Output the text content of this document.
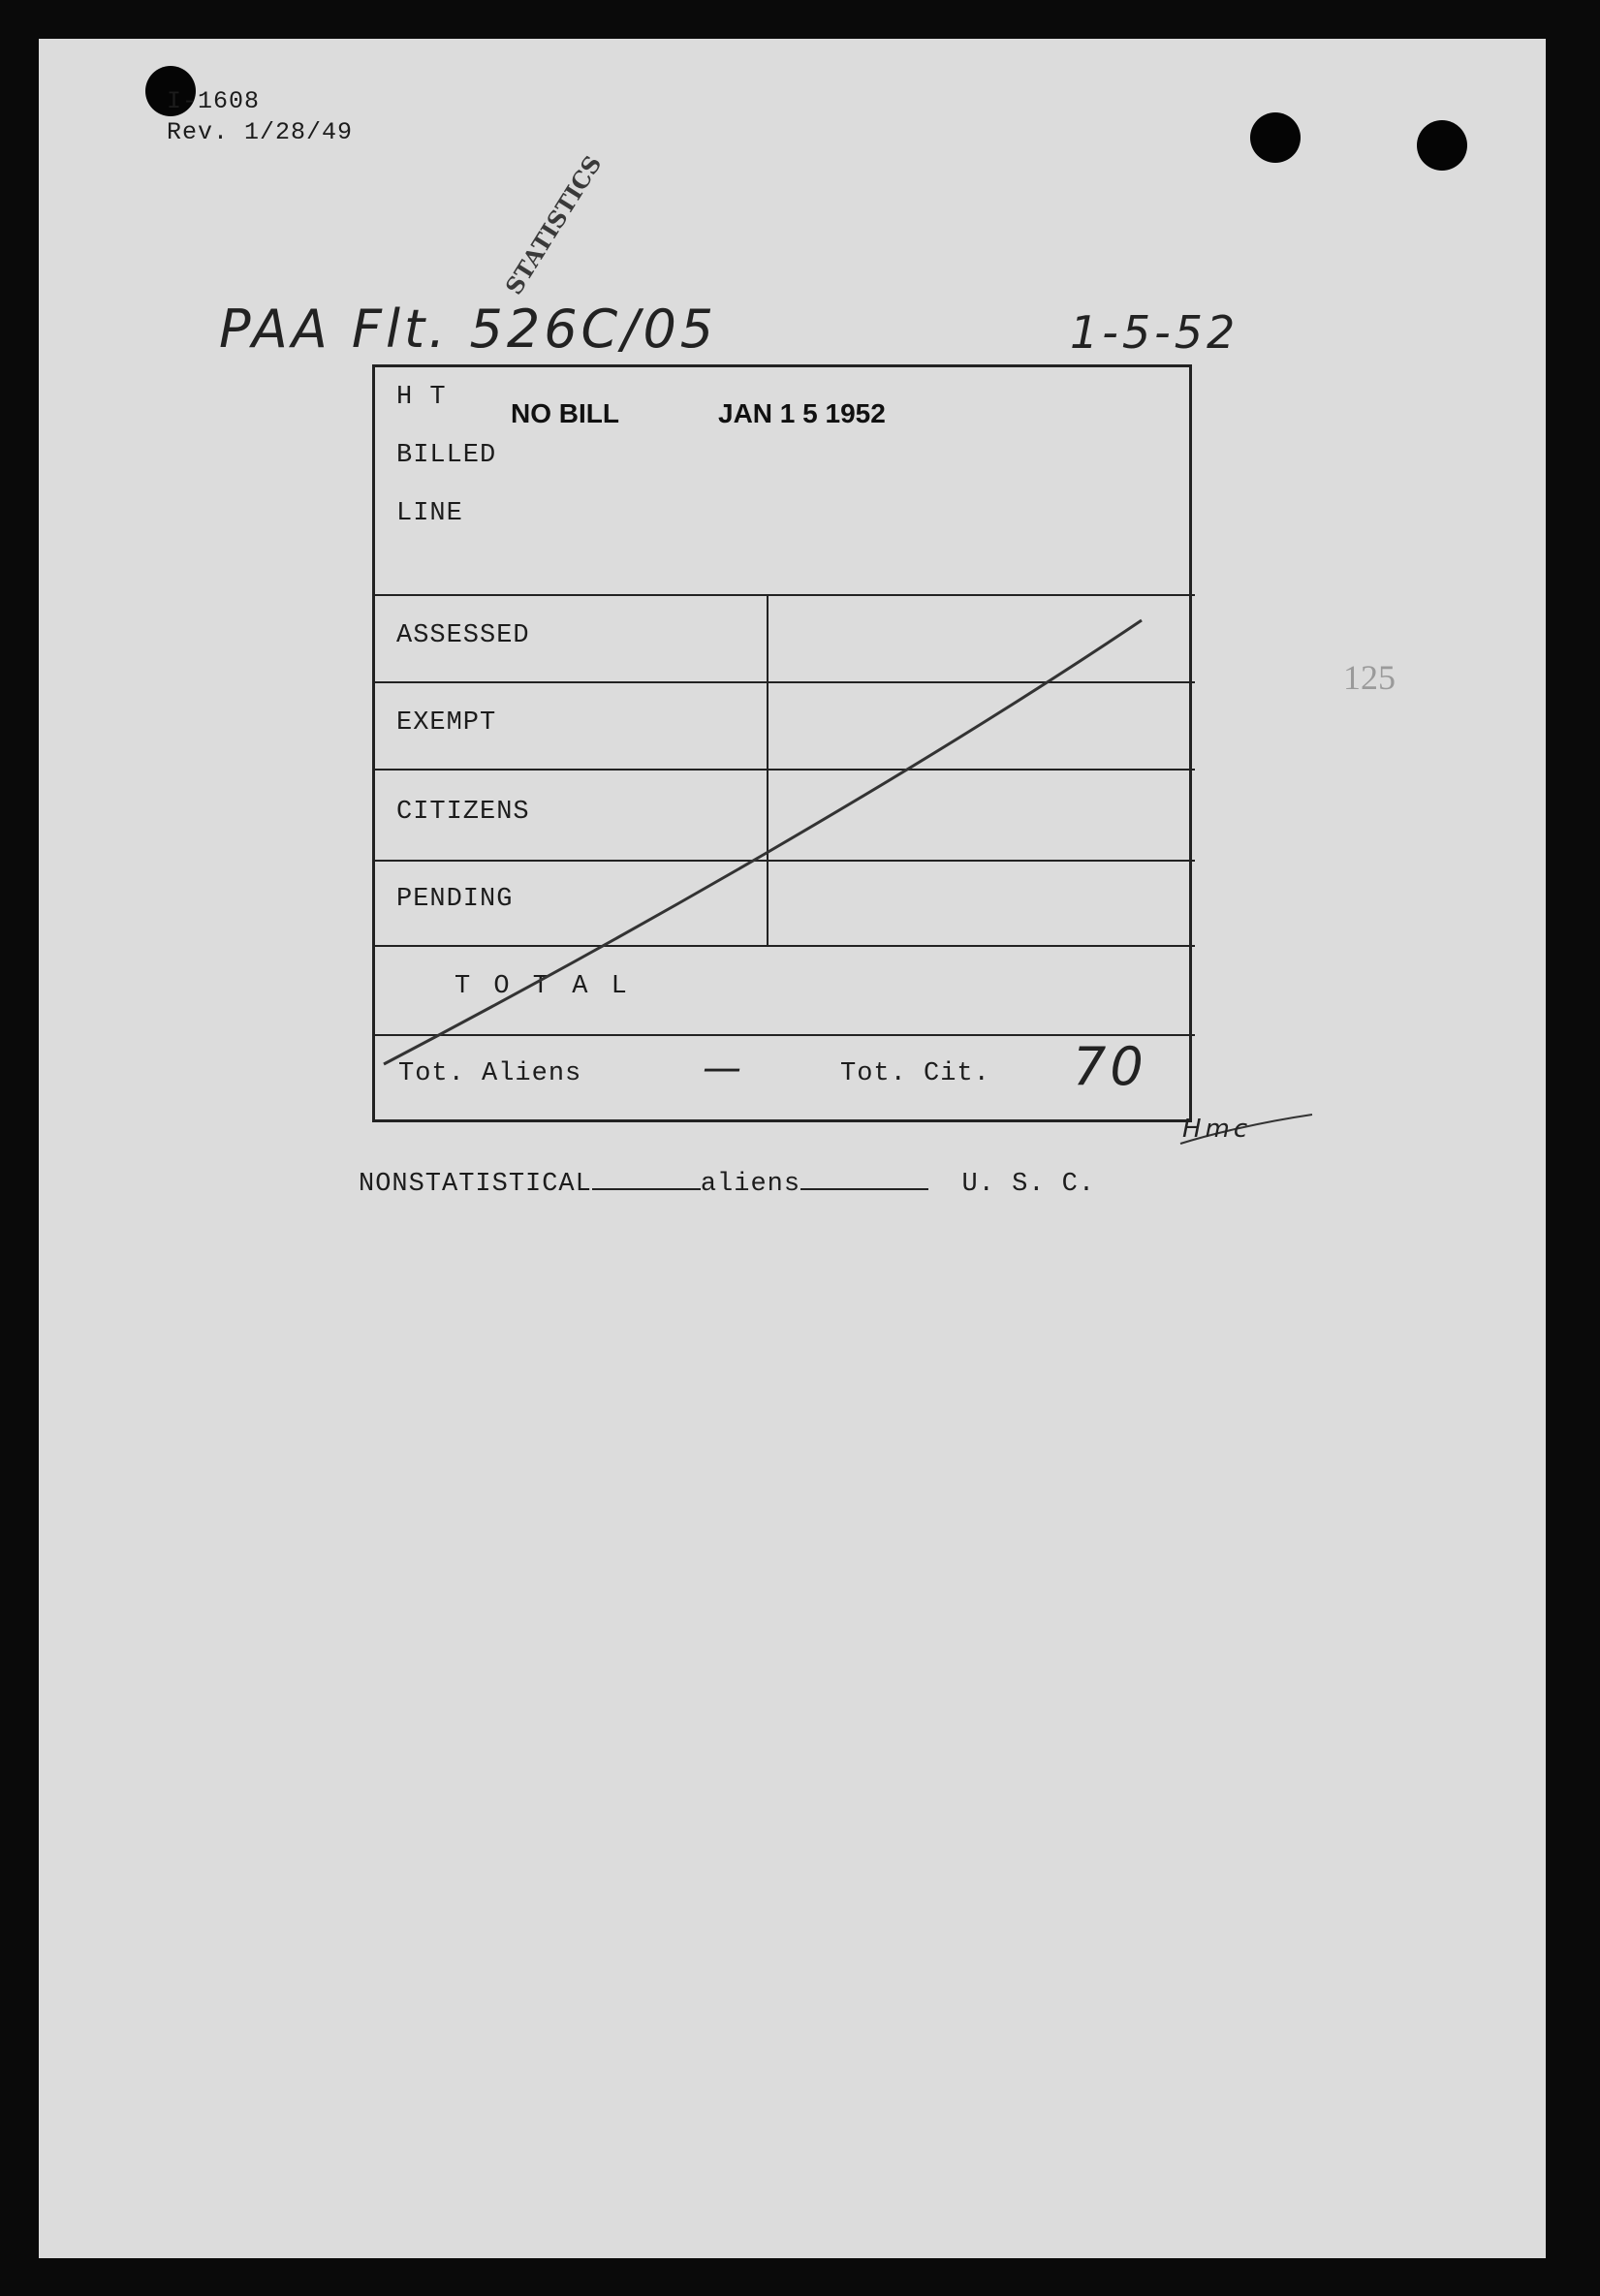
I-1608
Rev. 1/28/49
STATISTICS
PAA Flt. 526C/05	1-5-52
125
H T
BILLED
LINE
NO BILL	JAN 1 5 1952
ASSESSED
EXEMPT
CITIZENS
PENDING
T O T A L
Tot. Aliens	—	Tot. Cit. 70
Hmc
NONSTATISTICAL	aliens	U. S. C.
